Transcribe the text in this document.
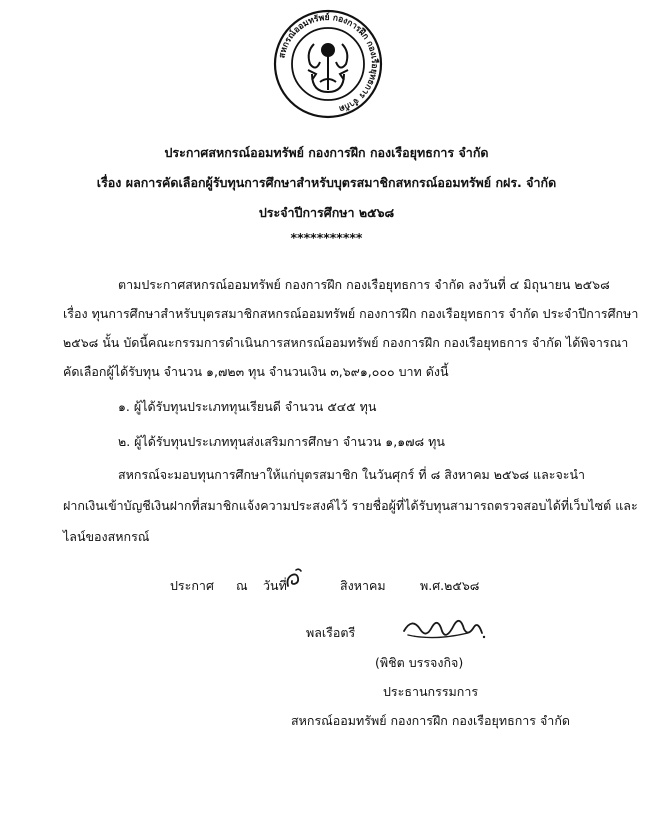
สหกรณ์ออมทรัพย์ กองการฝึก กองเรือยุทธการ จำกัด
ประกาศสหกรณ์ออมทรัพย์ กองการฝึก กองเรือยุทธการ จำกัด
เรื่อง ผลการคัดเลือกผู้รับทุนการศึกษาสำหรับบุตรสมาชิกสหกรณ์ออมทรัพย์ กฝร. จำกัด
ประจำปีการศึกษา ๒๕๖๘
***********
ตามประกาศสหกรณ์ออมทรัพย์ กองการฝึก กองเรือยุทธการ จำกัด ลงวันที่ ๔ มิถุนายน ๒๕๖๘
เรื่อง ทุนการศึกษาสำหรับบุตรสมาชิกสหกรณ์ออมทรัพย์ กองการฝึก กองเรือยุทธการ จำกัด ประจำปีการศึกษา
๒๕๖๘ นั้น บัดนี้คณะกรรมการดำเนินการสหกรณ์ออมทรัพย์ กองการฝึก กองเรือยุทธการ จำกัด ได้พิจารณา
คัดเลือกผู้ได้รับทุน จำนวน ๑,๗๒๓ ทุน จำนวนเงิน ๓,๖๙๑,๐๐๐ บาท ดังนี้
๑. ผู้ได้รับทุนประเภททุนเรียนดี จำนวน ๕๔๕ ทุน
๒. ผู้ได้รับทุนประเภททุนส่งเสริมการศึกษา จำนวน ๑,๑๗๘ ทุน
สหกรณ์จะมอบทุนการศึกษาให้แก่บุตรสมาชิก ในวันศุกร์ ที่ ๘ สิงหาคม ๒๕๖๘ และจะนำ
ฝากเงินเข้าบัญชีเงินฝากที่สมาชิกแจ้งความประสงค์ไว้ รายชื่อผู้ที่ได้รับทุนสามารถตรวจสอบได้ที่เว็บไซต์ และ
ไลน์ของสหกรณ์
ประกาศ ณ วันที่	สิงหาคม	พ.ศ.๒๕๖๘
พลเรือตรี
(พิชิต บรรจงกิจ)
ประธานกรรมการ
สหกรณ์ออมทรัพย์ กองการฝึก กองเรือยุทธการ จำกัด
